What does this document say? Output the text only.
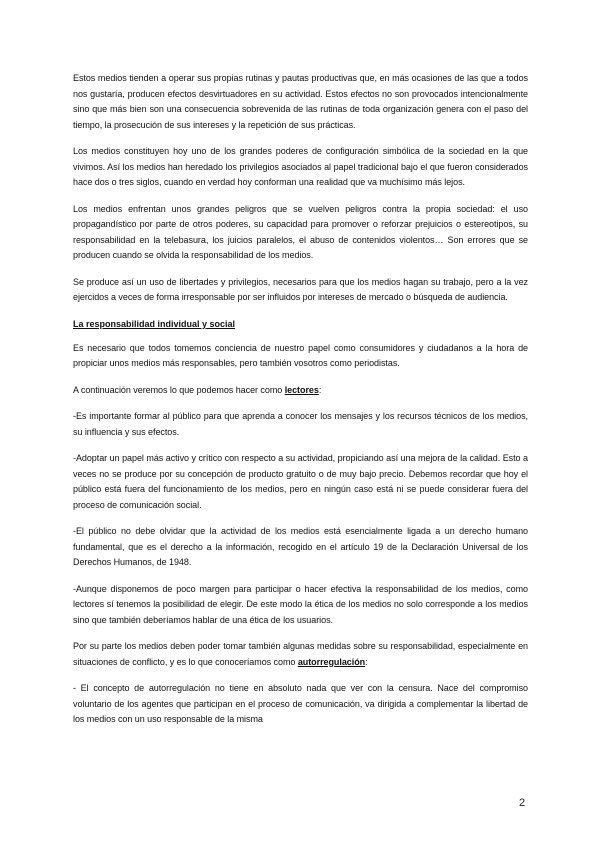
Estos medios tienden a operar sus propias rutinas y pautas productivas que, en más ocasiones de las que a todos nos gustaría, producen efectos desvirtuadores en su actividad. Estos efectos no son provocados intencionalmente sino que más bien son una consecuencia sobrevenida de las rutinas de toda organización genera con el paso del tiempo, la prosecución de sus intereses y la repetición de sus prácticas.

Los medios constituyen hoy uno de los grandes poderes de configuración simbólica de la sociedad en la que vivimos. Así los medios han heredado los privilegios asociados al papel tradicional bajo el que fueron considerados hace dos o tres siglos, cuando en verdad hoy conforman una realidad que va muchísimo más lejos.

Los medios enfrentan unos grandes peligros que se vuelven peligros contra la propia sociedad: el uso propagandístico por parte de otros poderes, su capacidad para promover o reforzar prejuicios o estereotipos, su responsabilidad en la telebasura, los juicios paralelos, el abuso de contenidos violentos… Son errores que se producen cuando se olvida la responsabilidad de los medios.

Se produce así un uso de libertades y privilegios, necesarios para que los medios hagan su trabajo, pero a la vez ejercidos a veces de forma irresponsable por ser influidos por intereses de mercado o búsqueda de audiencia.

La responsabilidad individual y social

Es necesario que todos tomemos conciencia de nuestro papel como consumidores y ciudadanos a la hora de propiciar unos medios más responsables, pero también vosotros como periodistas.

A continuación veremos lo que podemos hacer como lectores:

-Es importante formar al público para que aprenda a conocer los mensajes y los recursos técnicos de los medios, su influencia y sus efectos.

-Adoptar un papel más activo y crítico con respecto a su actividad, propiciando así una mejora de la calidad. Esto a veces no se produce por su concepción de producto gratuito o de muy bajo precio. Debemos recordar que hoy el público está fuera del funcionamiento de los medios, pero en ningún caso está ni se puede considerar fuera del proceso de comunicación social.

-El público no debe olvidar que la actividad de los medios está esencialmente ligada a un derecho humano fundamental, que es el derecho a la información, recogido en el artículo 19 de la Declaración Universal de los Derechos Humanos, de 1948.

-Aunque disponemos de poco margen para participar o hacer efectiva la responsabilidad de los medios, como lectores sí tenemos la posibilidad de elegir. De este modo la ética de los medios no solo corresponde a los medios sino que también deberíamos hablar de una ética de los usuarios.

Por su parte los medios deben poder tomar también algunas medidas sobre su responsabilidad, especialmente en situaciones de conflicto, y es lo que conoceríamos como autorregulación:

- El concepto de autorregulación no tiene en absoluto nada que ver con la censura. Nace del compromiso voluntario de los agentes que participan en el proceso de comunicación, va dirigida a complementar la libertad de los medios con un uso responsable de la misma

2
